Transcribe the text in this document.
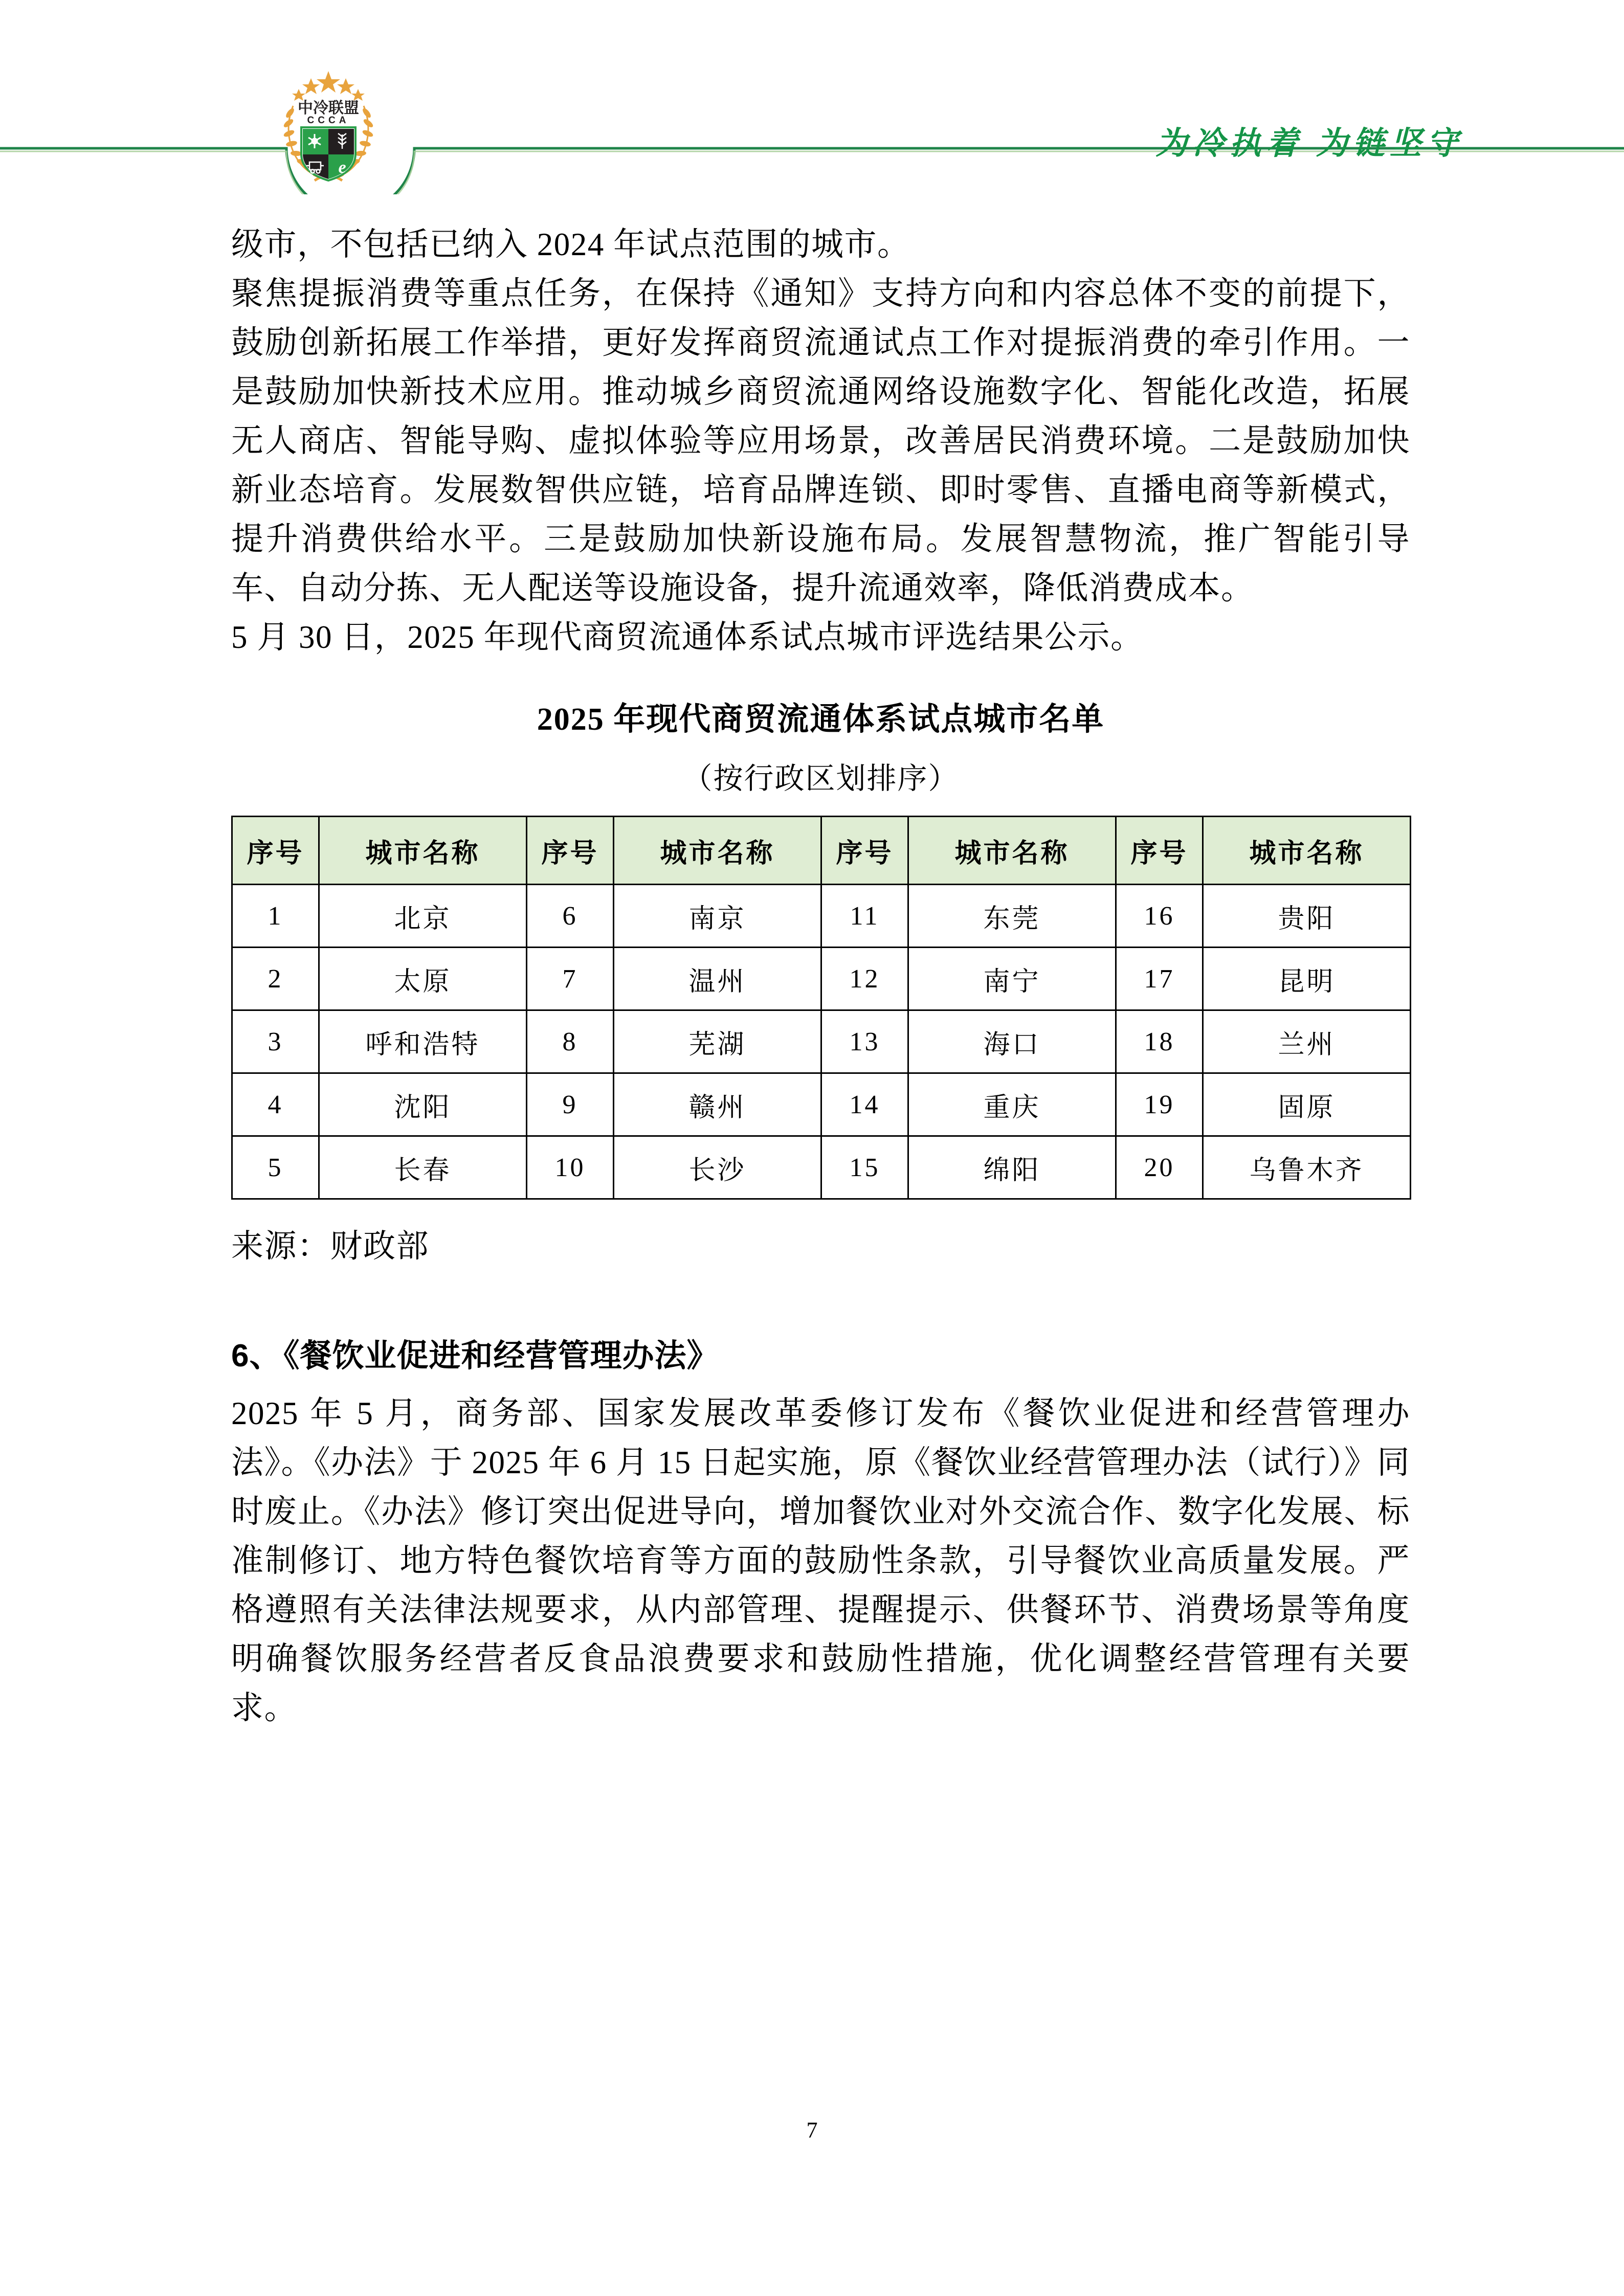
中冷联盟
CCCA
e
为冷执着 为链坚守

级市，不包括已纳入 2024 年试点范围的城市。

聚焦提振消费等重点任务，在保持《通知》支持方向和内容总体不变的前提下，鼓励创新拓展工作举措，更好发挥商贸流通试点工作对提振消费的牵引作用。一是鼓励加快新技术应用。推动城乡商贸流通网络设施数字化、智能化改造，拓展无人商店、智能导购、虚拟体验等应用场景，改善居民消费环境。二是鼓励加快新业态培育。发展数智供应链，培育品牌连锁、即时零售、直播电商等新模式，提升消费供给水平。三是鼓励加快新设施布局。发展智慧物流，推广智能引导车、自动分拣、无人配送等设施设备，提升流通效率，降低消费成本。

5 月 30 日，2025 年现代商贸流通体系试点城市评选结果公示。

2025 年现代商贸流通体系试点城市名单
（按行政区划排序）
序号	城市名称	序号	城市名称	序号	城市名称	序号	城市名称
1	北京	6	南京	11	东莞	16	贵阳
2	太原	7	温州	12	南宁	17	昆明
3	呼和浩特	8	芜湖	13	海口	18	兰州
4	沈阳	9	赣州	14	重庆	19	固原
5	长春	10	长沙	15	绵阳	20	乌鲁木齐
来源：财政部
6、《餐饮业促进和经营管理办法》

2025 年 5 月，商务部、国家发展改革委修订发布《餐饮业促进和经营管理办法》。《办法》于 2025 年 6 月 15 日起实施，原《餐饮业经营管理办法（试行）》同时废止。《办法》修订突出促进导向，增加餐饮业对外交流合作、数字化发展、标准制修订、地方特色餐饮培育等方面的鼓励性条款，引导餐饮业高质量发展。严格遵照有关法律法规要求，从内部管理、提醒提示、供餐环节、消费场景等角度明确餐饮服务经营者反食品浪费要求和鼓励性措施，优化调整经营管理有关要求。

7
